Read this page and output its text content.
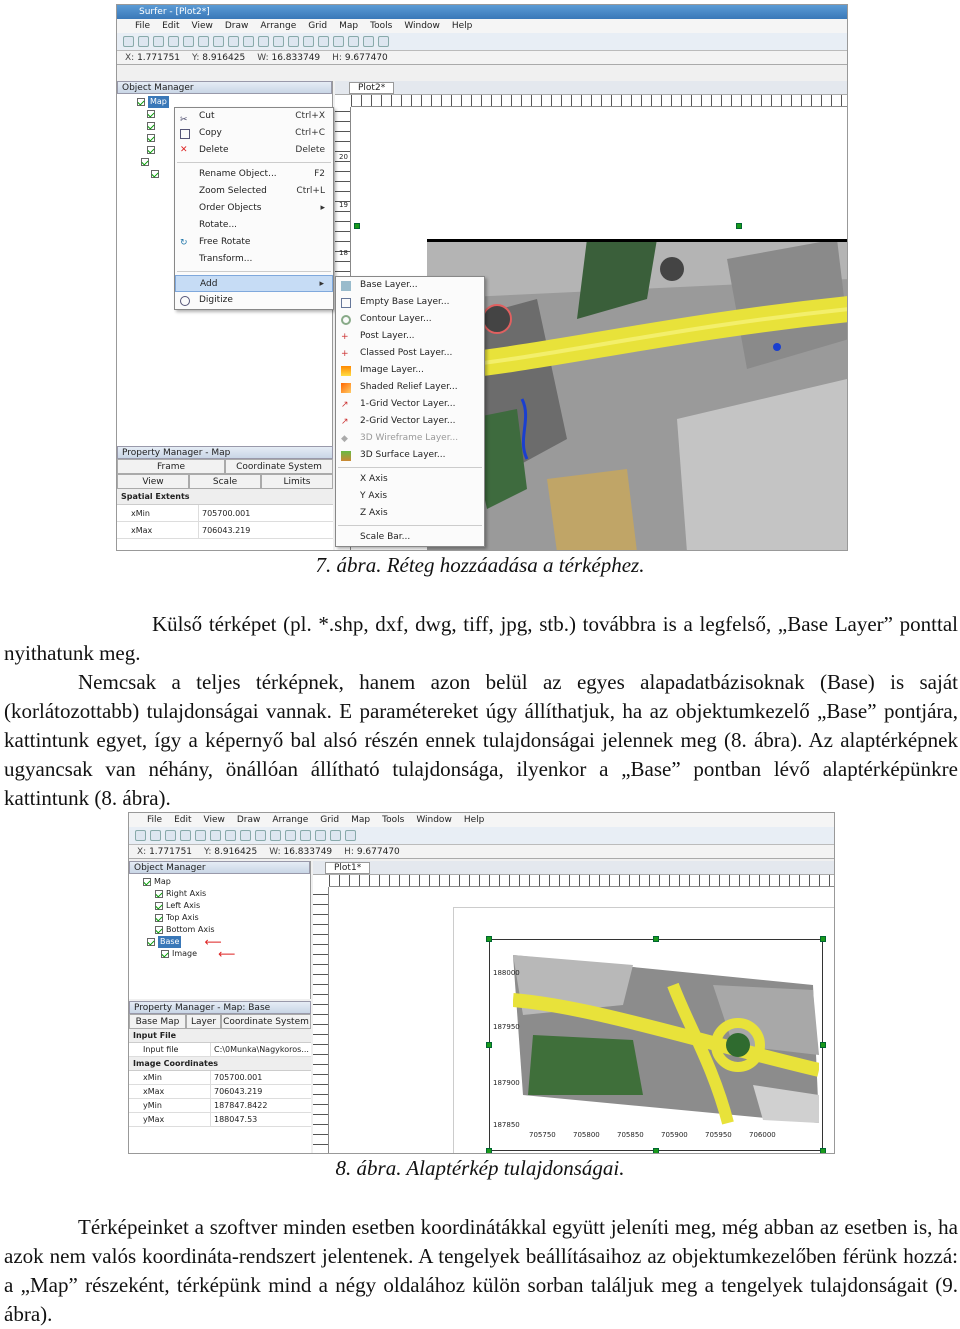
Surfer - [Plot2*]
File Edit View Draw Arrange Grid Map Tools Window Help
X: 1.771751 Y: 8.916425 W: 16.833749 H: 9.677470
Object Manager
Map
Property Manager - Map
Frame	Coordinate System
View	Scale	Limits
Spatial Extents
xMin	705700.001
xMax	706043.219
Plot2*
20
19
18
✂ Cut	Ctrl+X
Copy	Ctrl+C
✕ Delete	Delete
Rename Object...	F2
Zoom Selected	Ctrl+L
Order Objects	▸
Rotate...
↻ Free Rotate
Transform...
Add	▸
Digitize
Base Layer...
Empty Base Layer...
Contour Layer...
+ Post Layer...
+ Classed Post Layer...
Image Layer...
Shaded Relief Layer...
↗ 1-Grid Vector Layer...
↗ 2-Grid Vector Layer...
◆	3D Wireframe Layer...
3D Surface Layer...
X Axis
Y Axis
Z Axis
Scale Bar...
7. ábra. Réteg hozzáadása a térképhez.

Külső térképet (pl. *.shp, dxf, dwg, tiff, jpg, stb.) továbbra is a legfelső, „Base Layer” ponttal nyithatunk meg.

Nemcsak a teljes térképnek, hanem azon belül az egyes alapadatbázisoknak (Base) is saját (korlátozottabb) tulajdonságai vannak. E paramétereket úgy állíthatjuk, ha az objektumkezelő „Base” pontjára, kattintunk egyet, így a képernyő bal alsó részén ennek tulajdonságai jelennek meg (8. ábra). Az alaptérképnek ugyancsak van néhány, önállóan állítható tulajdonsága, ilyenkor a „Base” pontban lévő alaptérképünkre kattintunk (8. ábra).

File Edit View Draw Arrange Grid Map Tools Window Help
X: 1.771751 Y: 8.916425 W: 16.833749 H: 9.677470
Object Manager
Map
Right Axis
Left Axis
Top Axis
Bottom Axis
Base ⟵
Image ⟵
Property Manager - Map: Base
Base Map	Layer Coordinate System
Input File
Input file	C:\0Munka\Nagykoros...
Image Coordinates
xMin	705700.001
xMax	706043.219
yMin	187847.8422
yMax	188047.53
Plot1*
188000
187950
187900
187850
705750 705800 705850 705900 705950 706000
8. ábra. Alaptérkép tulajdonságai.

Térképeinket a szoftver minden esetben koordinátákkal együtt jeleníti meg, még abban az esetben is, ha azok nem valós koordináta-rendszert jelentenek. A tengelyek beállításaihoz az objektumkezelőben férünk hozzá: a „Map” részeként, térképünk mind a négy oldalához külön sorban találjuk meg a tengelyek tulajdonságait (9. ábra).
